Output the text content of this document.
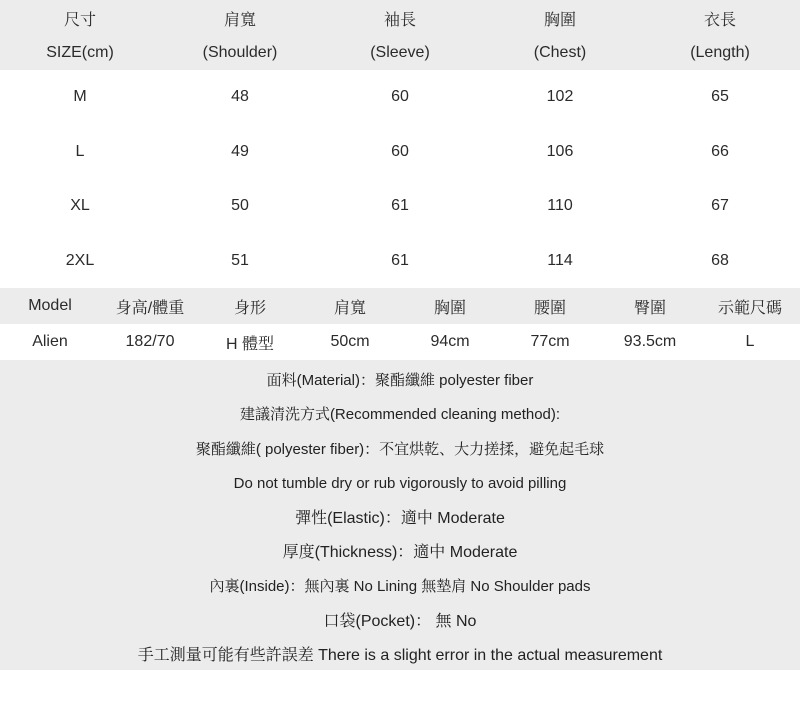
尺寸	肩寬	袖長	胸圍	衣長
SIZE(cm)	(Shoulder)	(Sleeve)	(Chest)	(Length)
M	48	60	102	65
L	49	60	106	66
XL	50	61	110	67
2XL	51	61	114	68
Model	身高/體重	身形	肩寬	胸圍	腰圍	臀圍	示範尺碼
Alien	182/70	H 體型	50cm	94cm	77cm	93.5cm	L
面料(Material)：聚酯纖維 polyester fiber
建議清洗方式(Recommended cleaning method):
聚酯纖維( polyester fiber)：不宜烘乾、大力搓揉，避免起毛球
Do not tumble dry or rub vigorously to avoid pilling
彈性(Elastic)：適中 Moderate
厚度(Thickness)：適中 Moderate
內裏(Inside)：無內裏 No Lining 無墊肩 No Shoulder pads
口袋(Pocket)： 無 No
手工測量可能有些許誤差 There is a slight error in the actual measurement
